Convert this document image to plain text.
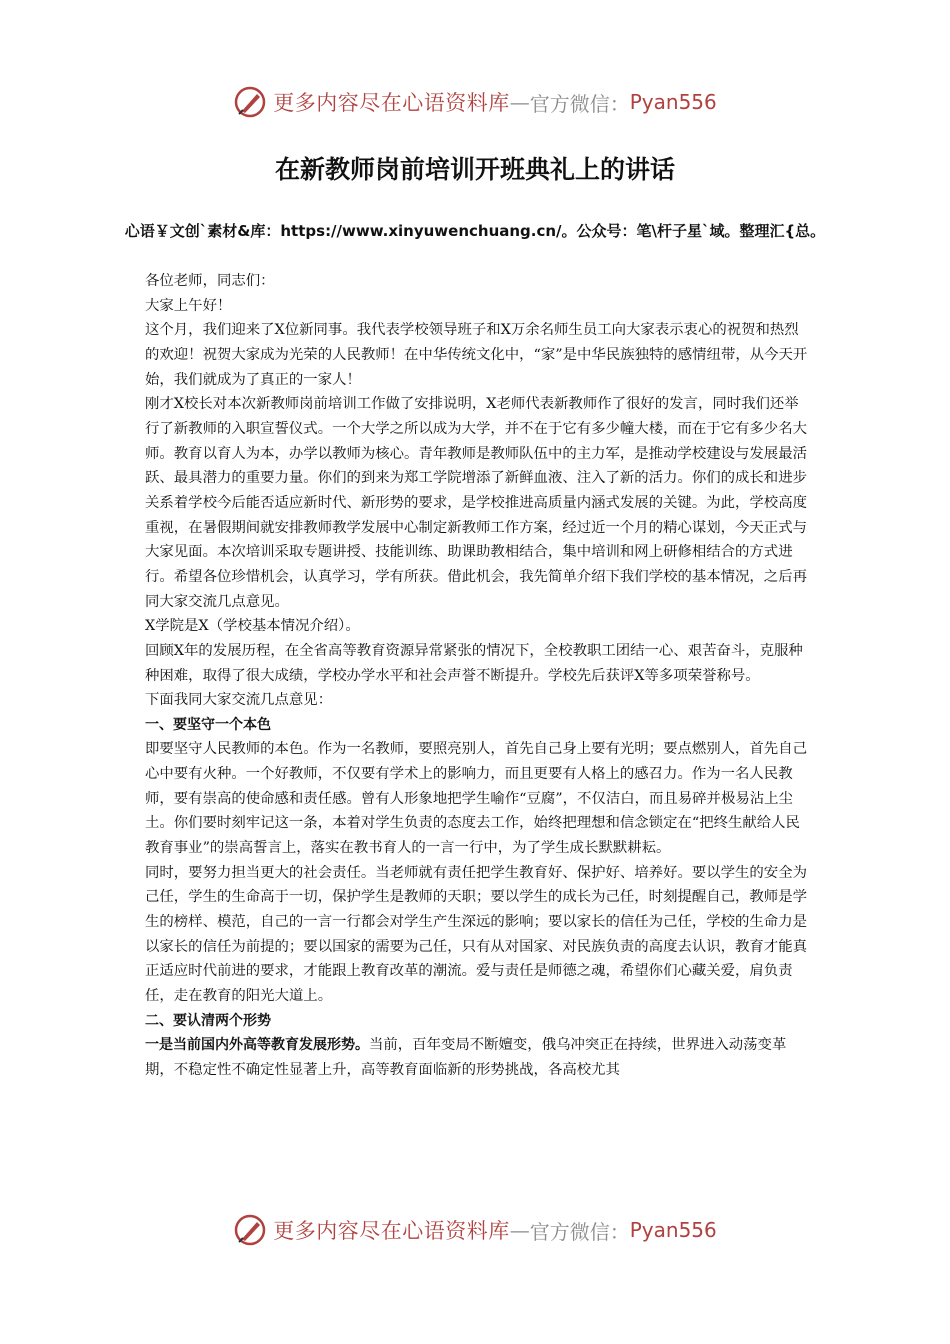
更多内容尽在心语资料库 — 官方微信： Pyan556
在新教师岗前培训开班典礼上的讲话
心语￥文创`素材&库：https://www.xinyuwenchuang.cn/。公众号：笔\杆子星`域。整理汇{总。

各位老师，同志们：

大家上午好！

这个月，我们迎来了X位新同事。我代表学校领导班子和X万余名师生员工向大家表示衷心的祝贺和热烈的欢迎！祝贺大家成为光荣的人民教师！在中华传统文化中，“家”是中华民族独特的感情纽带，从今天开始，我们就成为了真正的一家人！

刚才X校长对本次新教师岗前培训工作做了安排说明，X老师代表新教师作了很好的发言，同时我们还举行了新教师的入职宣誓仪式。一个大学之所以成为大学，并不在于它有多少幢大楼，而在于它有多少名大师。教育以育人为本，办学以教师为核心。青年教师是教师队伍中的主力军，是推动学校建设与发展最活跃、最具潜力的重要力量。你们的到来为郑工学院增添了新鲜血液、注入了新的活力。你们的成长和进步关系着学校今后能否适应新时代、新形势的要求，是学校推进高质量内涵式发展的关键。为此，学校高度重视，在暑假期间就安排教师教学发展中心制定新教师工作方案，经过近一个月的精心谋划，今天正式与大家见面。本次培训采取专题讲授、技能训练、助课助教相结合，集中培训和网上研修相结合的方式进行。希望各位珍惜机会，认真学习，学有所获。借此机会，我先简单介绍下我们学校的基本情况，之后再同大家交流几点意见。

X学院是X（学校基本情况介绍）。

回顾X年的发展历程，在全省高等教育资源异常紧张的情况下，全校教职工团结一心、艰苦奋斗，克服种种困难，取得了很大成绩，学校办学水平和社会声誉不断提升。学校先后获评X等多项荣誉称号。

下面我同大家交流几点意见：

一、要坚守一个本色

即要坚守人民教师的本色。作为一名教师，要照亮别人，首先自己身上要有光明；要点燃别人，首先自己心中要有火种。一个好教师，不仅要有学术上的影响力，而且更要有人格上的感召力。作为一名人民教师，要有崇高的使命感和责任感。曾有人形象地把学生喻作“豆腐”，不仅洁白，而且易碎并极易沾上尘土。你们要时刻牢记这一条，本着对学生负责的态度去工作，始终把理想和信念锁定在“把终生献给人民教育事业”的崇高誓言上，落实在教书育人的一言一行中，为了学生成长默默耕耘。

同时，要努力担当更大的社会责任。当老师就有责任把学生教育好、保护好、培养好。要以学生的安全为己任，学生的生命高于一切，保护学生是教师的天职；要以学生的成长为己任，时刻提醒自己，教师是学生的榜样、模范，自己的一言一行都会对学生产生深远的影响；要以家长的信任为己任，学校的生命力是以家长的信任为前提的；要以国家的需要为己任，只有从对国家、对民族负责的高度去认识，教育才能真正适应时代前进的要求，才能跟上教育改革的潮流。爱与责任是师德之魂，希望你们心藏关爱，肩负责任，走在教育的阳光大道上。

二、要认清两个形势

一是当前国内外高等教育发展形势。当前，百年变局不断嬗变，俄乌冲突正在持续，世界进入动荡变革期，不稳定性不确定性显著上升，高等教育面临新的形势挑战，各高校尤其

更多内容尽在心语资料库 — 官方微信： Pyan556
